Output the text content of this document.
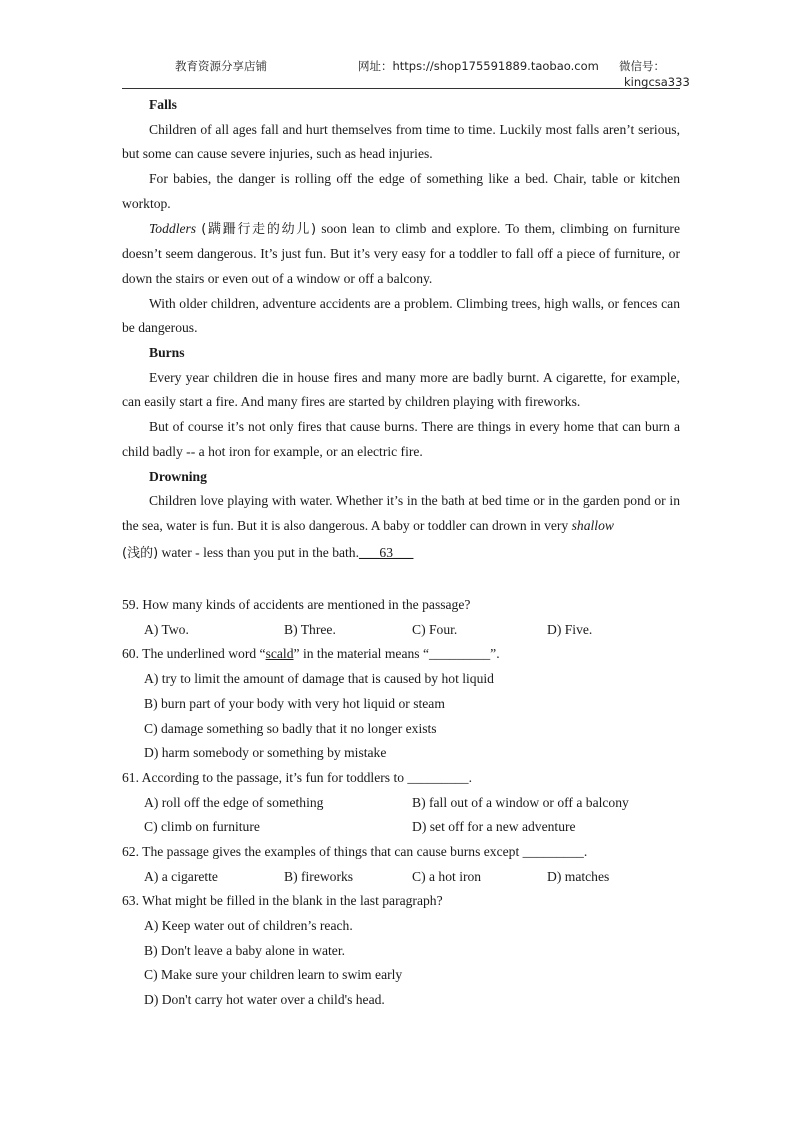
教育资源分享店铺	网址：https://shop175591889.taobao.com 微信号：
kingcsa333
Falls

Children of all ages fall and hurt themselves from time to time. Luckily most falls aren’t serious, but some can cause severe injuries, such as head injuries.

For babies, the danger is rolling off the edge of something like a bed. Chair, table or kitchen worktop.

Toddlers (蹒跚行走的幼儿) soon lean to climb and explore. To them, climbing on furniture doesn’t seem dangerous. It’s just fun. But it’s very easy for a toddler to fall off a piece of furniture, or down the stairs or even out of a window or off a balcony.

With older children, adventure accidents are a problem. Climbing trees, high walls, or fences can be dangerous.

Burns

Every year children die in house fires and many more are badly burnt. A cigarette, for example, can easily start a fire. And many fires are started by children playing with fireworks.

But of course it’s not only fires that cause burns. There are things in every home that can burn a child badly -- a hot iron for example, or an electric fire.

Drowning

Children love playing with water. Whether it’s in the bath at bed time or in the garden pond or in the sea, water is fun. But it is also dangerous. A baby or toddler can drown in very shallow
(浅的) water - less than you put in the bath.___63___

59. How many kinds of accidents are mentioned in the passage?

A) Two.	B) Three.	C) Four.	D) Five.

60. The underlined word “scald” in the material means “_________”.

A) try to limit the amount of damage that is caused by hot liquid

B) burn part of your body with very hot liquid or steam

C) damage something so badly that it no longer exists

D) harm somebody or something by mistake

61. According to the passage, it’s fun for toddlers to _________.

A) roll off the edge of something	B) fall out of a window or off a balcony
C) climb on furniture	D) set off for a new adventure

62. The passage gives the examples of things that can cause burns except _________.

A) a cigarette	B) fireworks	C) a hot iron	D) matches

63. What might be filled in the blank in the last paragraph?

A) Keep water out of children’s reach.

B) Don't leave a baby alone in water.

C) Make sure your children learn to swim early

D) Don't carry hot water over a child's head.
